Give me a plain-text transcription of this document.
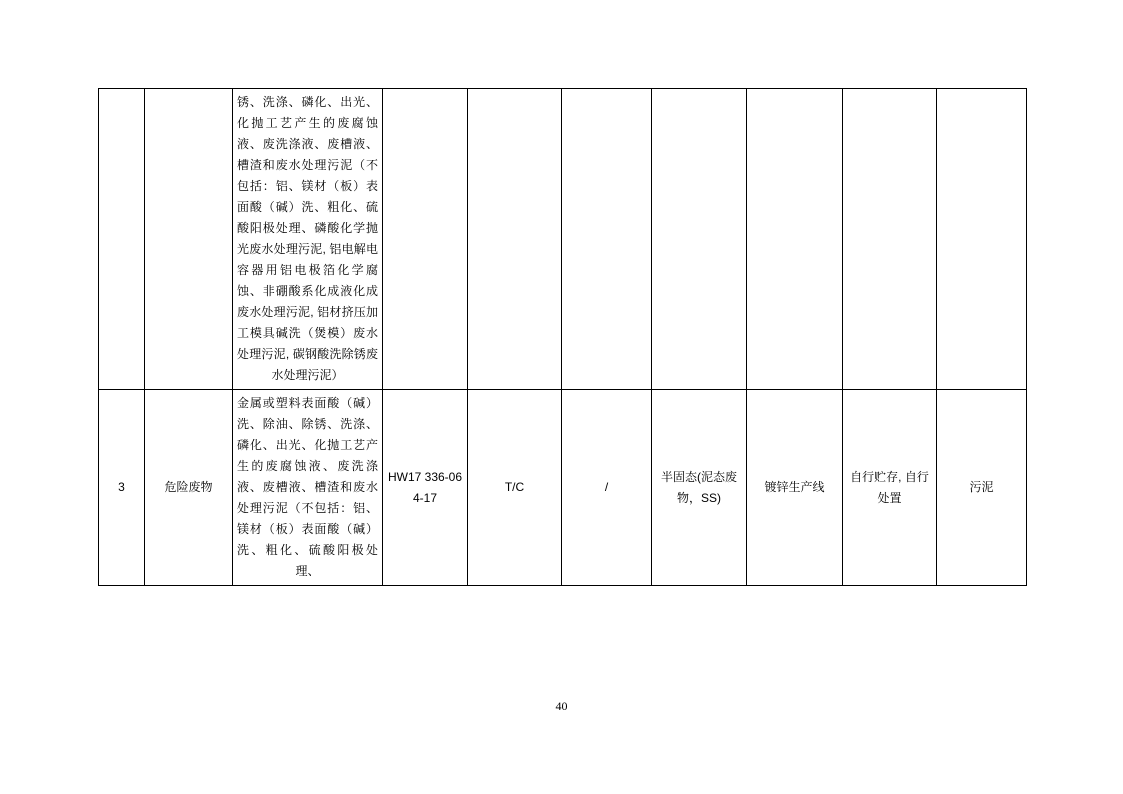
		锈、洗涤、磷化、出光、化抛工艺产生的废腐蚀液、废洗涤液、废槽液、槽渣和废水处理污泥（不包括：铝、镁材（板）表面酸（碱）洗、粗化、硫酸阳极处理、磷酸化学抛光废水处理污泥, 铝电解电容器用铝电极箔化学腐蚀、非硼酸系化成液化成废水处理污泥, 铝材挤压加工模具碱洗（煲模）废水处理污泥, 碳钢酸洗除锈废水处理污泥）							
3	危险废物	金属或塑料表面酸（碱）洗、除油、除锈、洗涤、磷化、出光、化抛工艺产生的废腐蚀液、废洗涤液、废槽液、槽渣和废水处理污泥（不包括：铝、镁材（板）表面酸（碱）洗、粗化、硫酸阳极处理、	HW17 336-064-17	T/C	/	半固态(泥态废物，SS)	镀锌生产线	自行贮存, 自行处置	污泥
40
